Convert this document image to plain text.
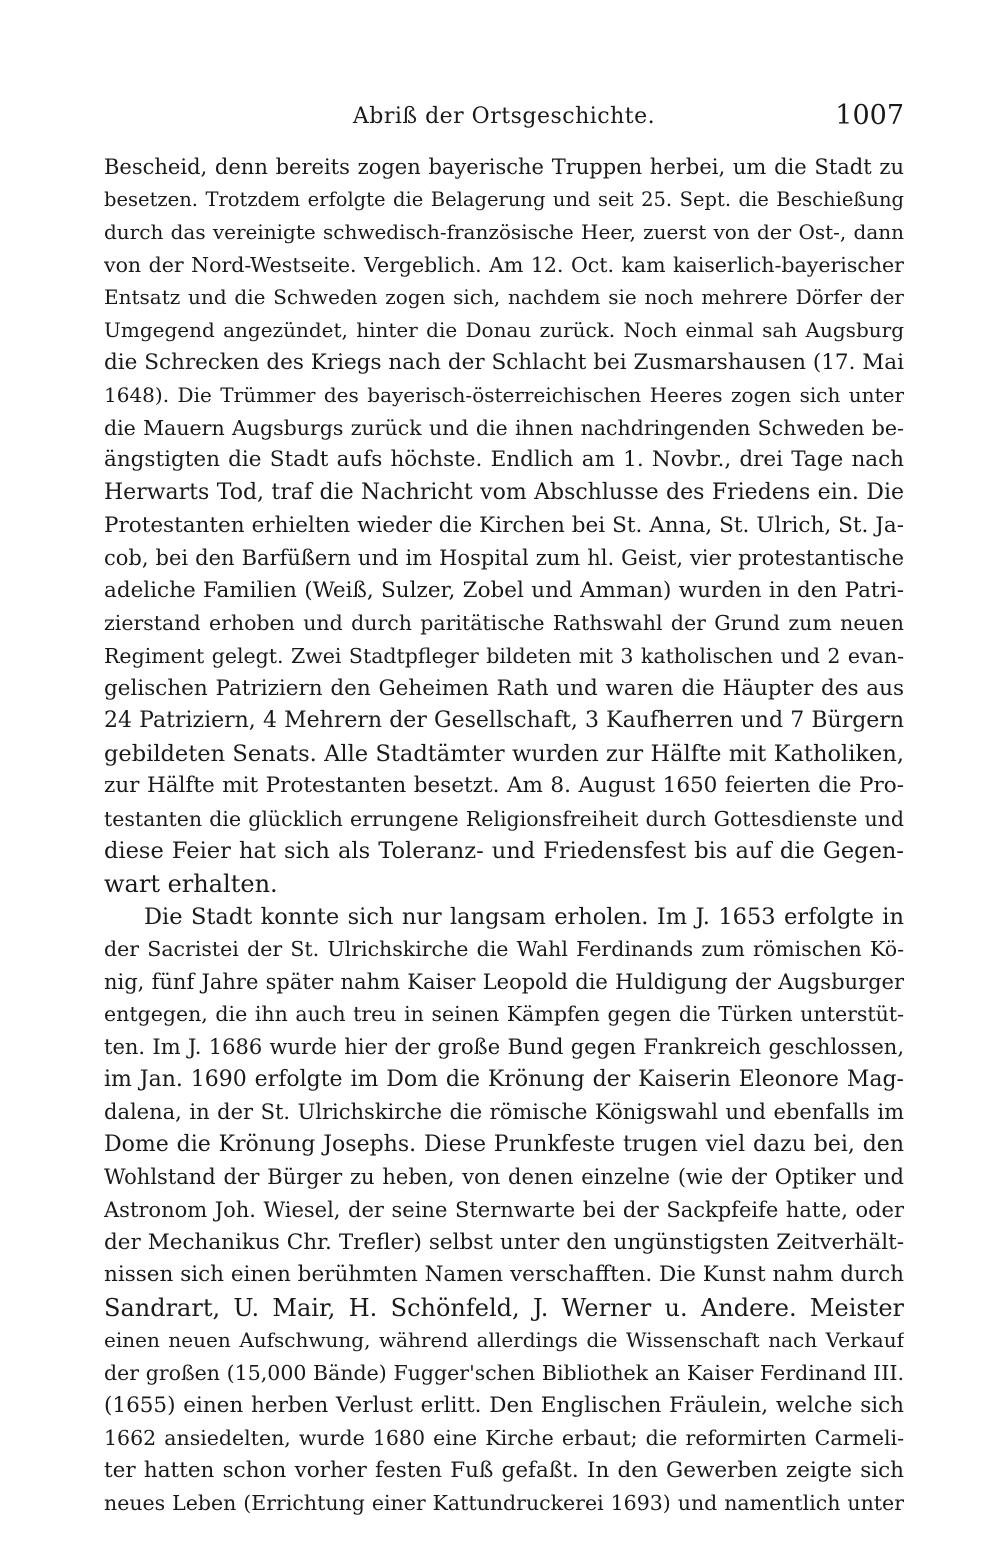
Abriß der Ortsgeschichte.	1007
Bescheid, denn bereits zogen bayerische Truppen herbei, um die Stadt zu
besetzen. Trotzdem erfolgte die Belagerung und seit 25. Sept. die Beschießung
durch das vereinigte schwedisch-französische Heer, zuerst von der Ost-, dann
von der Nord-Westseite. Vergeblich. Am 12. Oct. kam kaiserlich-bayerischer
Entsatz und die Schweden zogen sich, nachdem sie noch mehrere Dörfer der
Umgegend angezündet, hinter die Donau zurück. Noch einmal sah Augsburg
die Schrecken des Kriegs nach der Schlacht bei Zusmarshausen (17. Mai
1648). Die Trümmer des bayerisch-österreichischen Heeres zogen sich unter
die Mauern Augsburgs zurück und die ihnen nachdringenden Schweden be-
ängstigten die Stadt aufs höchste. Endlich am 1. Novbr., drei Tage nach
Herwarts Tod, traf die Nachricht vom Abschlusse des Friedens ein. Die
Protestanten erhielten wieder die Kirchen bei St. Anna, St. Ulrich, St. Ja-
cob, bei den Barfüßern und im Hospital zum hl. Geist, vier protestantische
adeliche Familien (Weiß, Sulzer, Zobel und Amman) wurden in den Patri-
zierstand erhoben und durch paritätische Rathswahl der Grund zum neuen
Regiment gelegt. Zwei Stadtpfleger bildeten mit 3 katholischen und 2 evan-
gelischen Patriziern den Geheimen Rath und waren die Häupter des aus
24 Patriziern, 4 Mehrern der Gesellschaft, 3 Kaufherren und 7 Bürgern
gebildeten Senats. Alle Stadtämter wurden zur Hälfte mit Katholiken,
zur Hälfte mit Protestanten besetzt. Am 8. August 1650 feierten die Pro-
testanten die glücklich errungene Religionsfreiheit durch Gottesdienste und
diese Feier hat sich als Toleranz- und Friedensfest bis auf die Gegen-
wart erhalten.
Die Stadt konnte sich nur langsam erholen. Im J. 1653 erfolgte in
der Sacristei der St. Ulrichskirche die Wahl Ferdinands zum römischen Kö-
nig, fünf Jahre später nahm Kaiser Leopold die Huldigung der Augsburger
entgegen, die ihn auch treu in seinen Kämpfen gegen die Türken unterstüt-
ten. Im J. 1686 wurde hier der große Bund gegen Frankreich geschlossen,
im Jan. 1690 erfolgte im Dom die Krönung der Kaiserin Eleonore Mag-
dalena, in der St. Ulrichskirche die römische Königswahl und ebenfalls im
Dome die Krönung Josephs. Diese Prunkfeste trugen viel dazu bei, den
Wohlstand der Bürger zu heben, von denen einzelne (wie der Optiker und
Astronom Joh. Wiesel, der seine Sternwarte bei der Sackpfeife hatte, oder
der Mechanikus Chr. Trefler) selbst unter den ungünstigsten Zeitverhält-
nissen sich einen berühmten Namen verschafften. Die Kunst nahm durch
Sandrart, U. Mair, H. Schönfeld, J. Werner u. Andere. Meister
einen neuen Aufschwung, während allerdings die Wissenschaft nach Verkauf
der großen (15,000 Bände) Fugger'schen Bibliothek an Kaiser Ferdinand III.
(1655) einen herben Verlust erlitt. Den Englischen Fräulein, welche sich
1662 ansiedelten, wurde 1680 eine Kirche erbaut; die reformirten Carmeli-
ter hatten schon vorher festen Fuß gefaßt. In den Gewerben zeigte sich
neues Leben (Errichtung einer Kattundruckerei 1693) und namentlich unter
